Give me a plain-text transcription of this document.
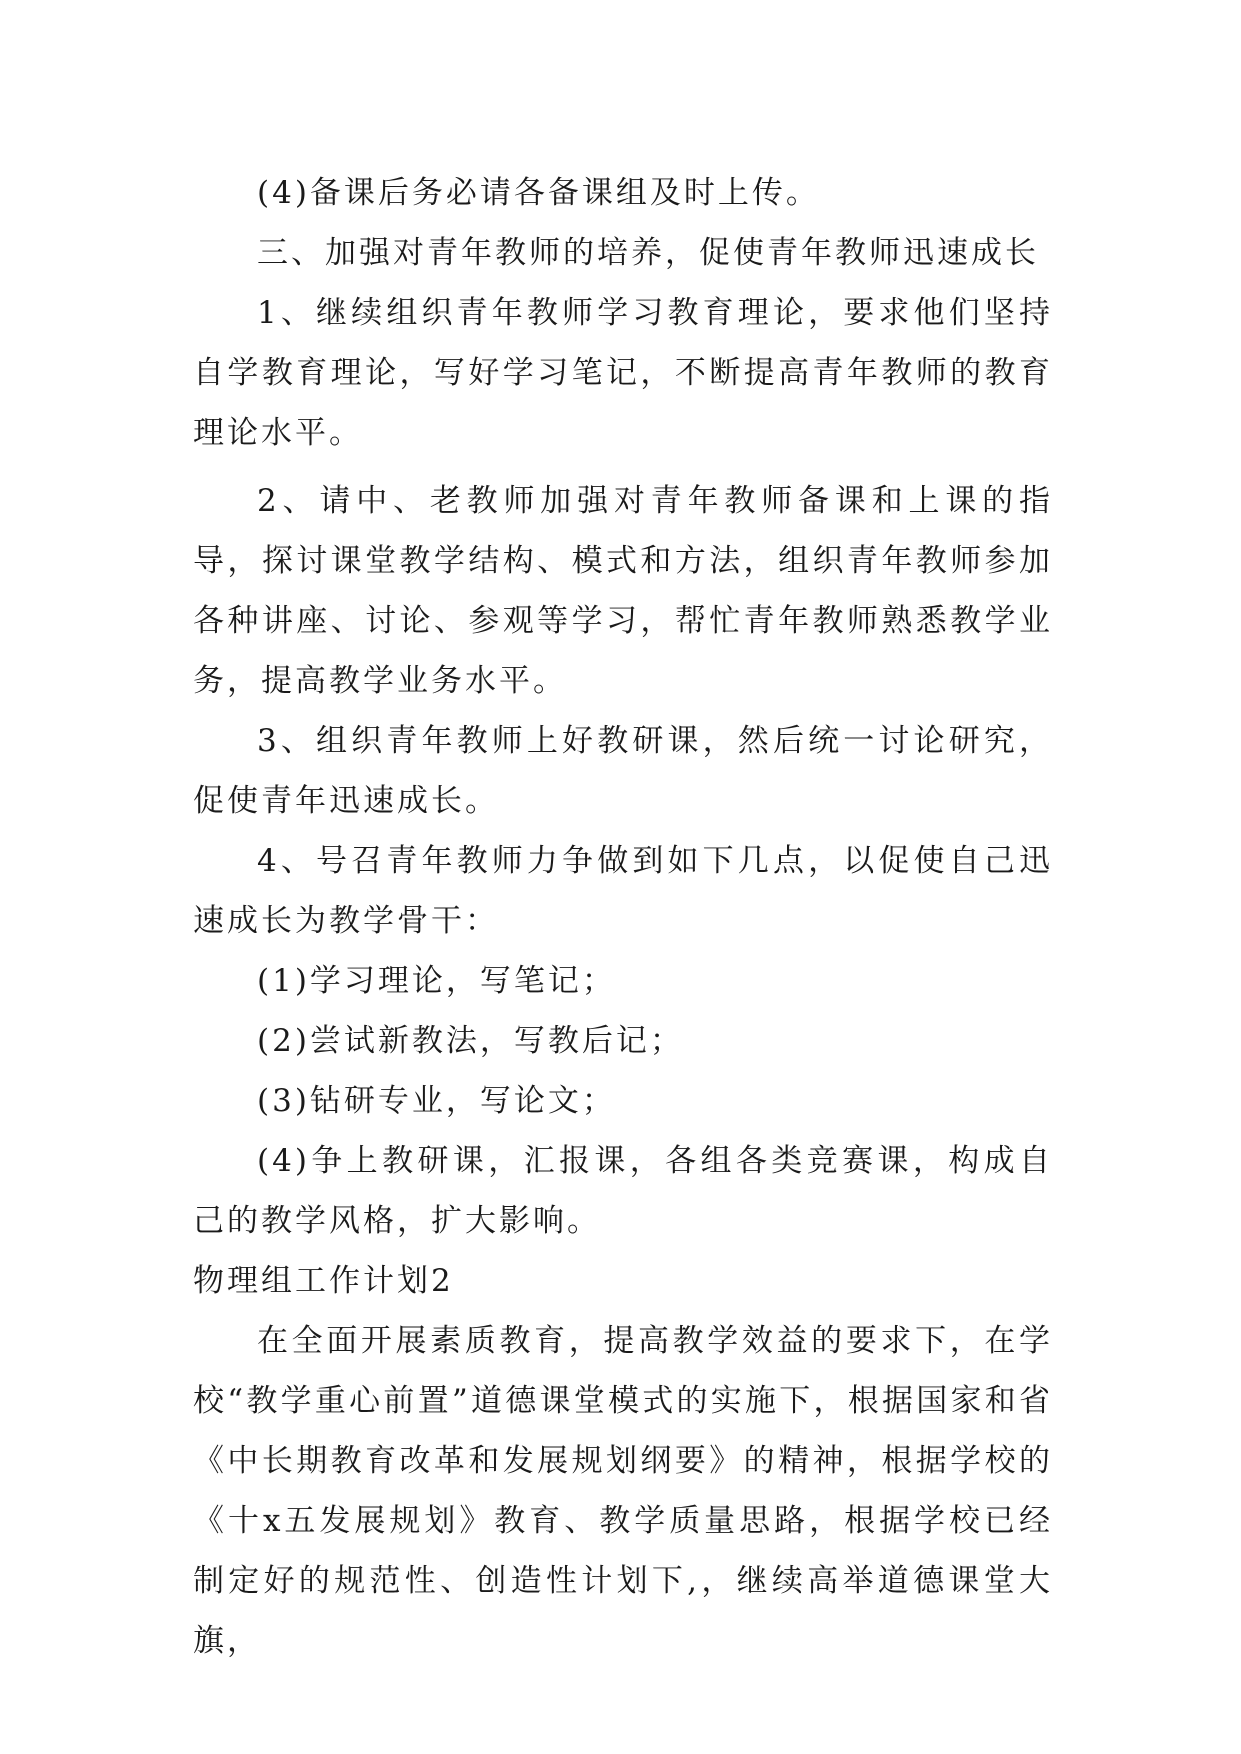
(4)备课后务必请各备课组及时上传。

三、加强对青年教师的培养，促使青年教师迅速成长

1、继续组织青年教师学习教育理论，要求他们坚持自学教育理论，写好学习笔记，不断提高青年教师的教育理论水平。

2、请中、老教师加强对青年教师备课和上课的指导，探讨课堂教学结构、模式和方法，组织青年教师参加各种讲座、讨论、参观等学习，帮忙青年教师熟悉教学业务，提高教学业务水平。

3、组织青年教师上好教研课，然后统一讨论研究，促使青年迅速成长。

4、号召青年教师力争做到如下几点，以促使自己迅速成长为教学骨干：

(1)学习理论，写笔记；

(2)尝试新教法，写教后记；

(3)钻研专业，写论文；

(4)争上教研课，汇报课，各组各类竞赛课，构成自己的教学风格，扩大影响。

物理组工作计划2

在全面开展素质教育，提高教学效益的要求下，在学校“教学重心前置”道德课堂模式的实施下，根据国家和省《中长期教育改革和发展规划纲要》的精神，根据学校的《十x五发展规划》教育、教学质量思路，根据学校已经制定好的规范性、创造性计划下,，继续高举道德课堂大旗，
